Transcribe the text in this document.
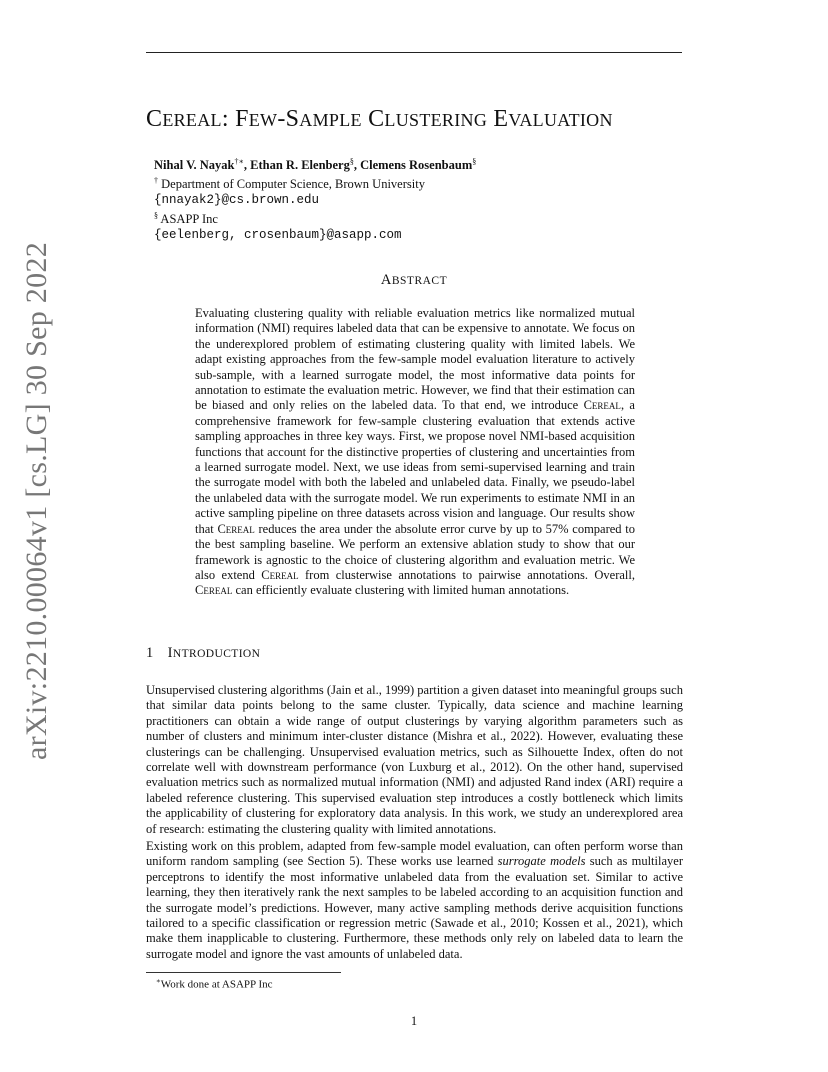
CEREAL: FEW-SAMPLE CLUSTERING EVALUATION
Nihal V. Nayak†∗, Ethan R. Elenberg§, Clemens Rosenbaum§
† Department of Computer Science, Brown University
{nnayak2}@cs.brown.edu
§ ASAPP Inc
{eelenberg, crosenbaum}@asapp.com
ABSTRACT
Evaluating clustering quality with reliable evaluation metrics like normalized mutual information (NMI) requires labeled data that can be expensive to annotate. We focus on the underexplored problem of estimating clustering quality with limited labels. We adapt existing approaches from the few-sample model evaluation literature to actively sub-sample, with a learned surrogate model, the most informative data points for annotation to estimate the evaluation metric. However, we find that their estimation can be biased and only relies on the labeled data. To that end, we introduce Cereal, a comprehensive framework for few-sample clustering evaluation that extends active sampling approaches in three key ways. First, we propose novel NMI-based acquisition functions that account for the distinctive properties of clustering and uncertainties from a learned surrogate model. Next, we use ideas from semi-supervised learning and train the surrogate model with both the labeled and unlabeled data. Finally, we pseudo-label the unlabeled data with the surrogate model. We run experiments to estimate NMI in an active sampling pipeline on three datasets across vision and language. Our results show that Cereal reduces the area under the absolute error curve by up to 57% compared to the best sampling baseline. We perform an extensive ablation study to show that our framework is agnostic to the choice of clustering algorithm and evaluation metric. We also extend Cereal from clusterwise annotations to pairwise annotations. Overall, Cereal can efficiently evaluate clustering with limited human annotations.
arXiv:2210.00064v1 [cs.LG] 30 Sep 2022	1 INTRODUCTION
Unsupervised clustering algorithms (Jain et al., 1999) partition a given dataset into meaningful groups such that similar data points belong to the same cluster. Typically, data science and machine learning practitioners can obtain a wide range of output clusterings by varying algorithm parameters such as number of clusters and minimum inter-cluster distance (Mishra et al., 2022). However, evaluating these clusterings can be challenging. Unsupervised evaluation metrics, such as Silhouette Index, often do not correlate well with downstream performance (von Luxburg et al., 2012). On the other hand, supervised evaluation metrics such as normalized mutual information (NMI) and adjusted Rand index (ARI) require a labeled reference clustering. This supervised evaluation step introduces a costly bottleneck which limits the applicability of clustering for exploratory data analysis. In this work, we study an underexplored area of research: estimating the clustering quality with limited annotations.
Existing work on this problem, adapted from few-sample model evaluation, can often perform worse than uniform random sampling (see Section 5). These works use learned surrogate models such as multilayer perceptrons to identify the most informative unlabeled data from the evaluation set. Similar to active learning, they then iteratively rank the next samples to be labeled according to an acquisition function and the surrogate model’s predictions. However, many active sampling methods derive acquisition functions tailored to a specific classification or regression metric (Sawade et al., 2010; Kossen et al., 2021), which make them inapplicable to clustering. Furthermore, these methods only rely on labeled data to learn the surrogate model and ignore the vast amounts of unlabeled data.
∗Work done at ASAPP Inc
1
